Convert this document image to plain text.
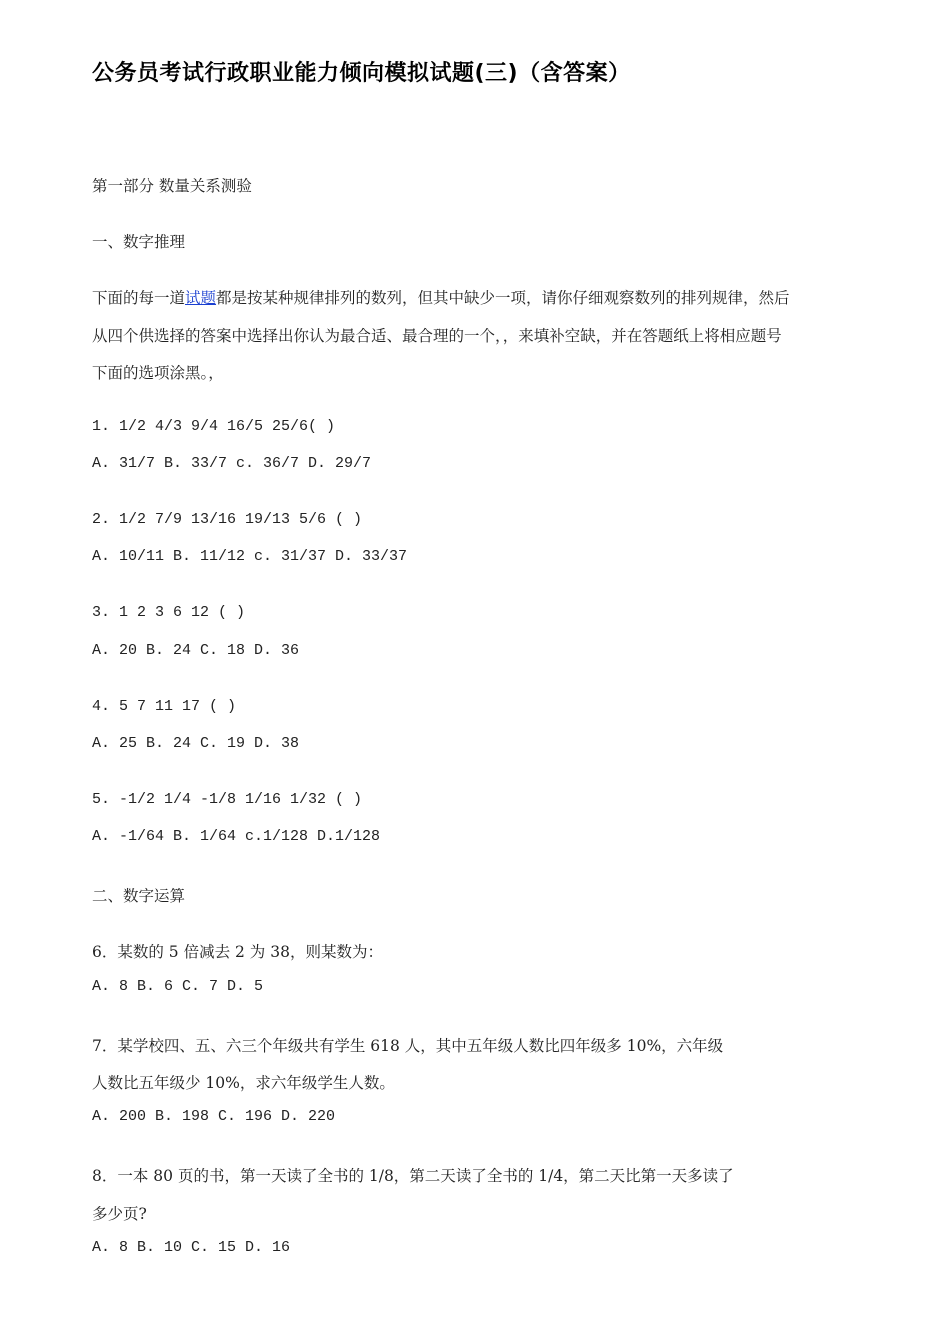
公务员考试行政职业能力倾向模拟试题(三)（含答案）
第一部分 数量关系测验
一、数字推理
下面的每一道试题都是按某种规律排列的数列，但其中缺少一项，请你仔细观察数列的排列规律，然后
从四个供选择的答案中选择出你认为最合适、最合理的一个，，来填补空缺，并在答题纸上将相应题号
下面的选项涂黑。，
1. 1/2 4/3 9/4 16/5 25/6( )
A. 31/7 B. 33/7 c. 36/7 D. 29/7
2. 1/2 7/9 13/16 19/13 5/6 ( )
A. 10/11 B. 11/12 c. 31/37 D. 33/37
3. 1 2 3 6 12 ( )
A. 20 B. 24 C. 18 D. 36
4. 5 7 11 17 ( )
A. 25 B. 24 C. 19 D. 38
5. -1/2 1/4 -1/8 1/16 1/32 ( )
A. -1/64 B. 1/64 c.1/128 D.1/128
二、数字运算
6．某数的 5 倍减去 2 为 38，则某数为：
A. 8 B. 6 C. 7 D. 5
7．某学校四、五、六三个年级共有学生 618 人，其中五年级人数比四年级多 10%，六年级
人数比五年级少 10%，求六年级学生人数。
A. 200 B. 198 C. 196 D. 220
8．一本 80 页的书，第一天读了全书的 1/8，第二天读了全书的 1/4，第二天比第一天多读了
多少页?
A. 8 B. 10 C. 15 D. 16
